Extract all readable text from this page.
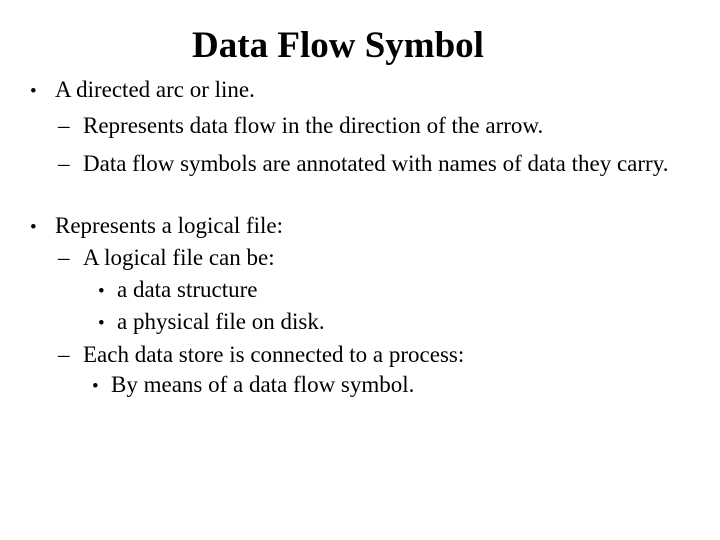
Data Flow Symbol
• A directed arc or line.
– Represents data flow in the direction of the arrow.
– Data flow symbols are annotated with names of data they carry.
• Represents a logical file:
– A logical file can be:
• a data structure
• a physical file on disk.
– Each data store is connected to a process:
• By means of a data flow symbol.
